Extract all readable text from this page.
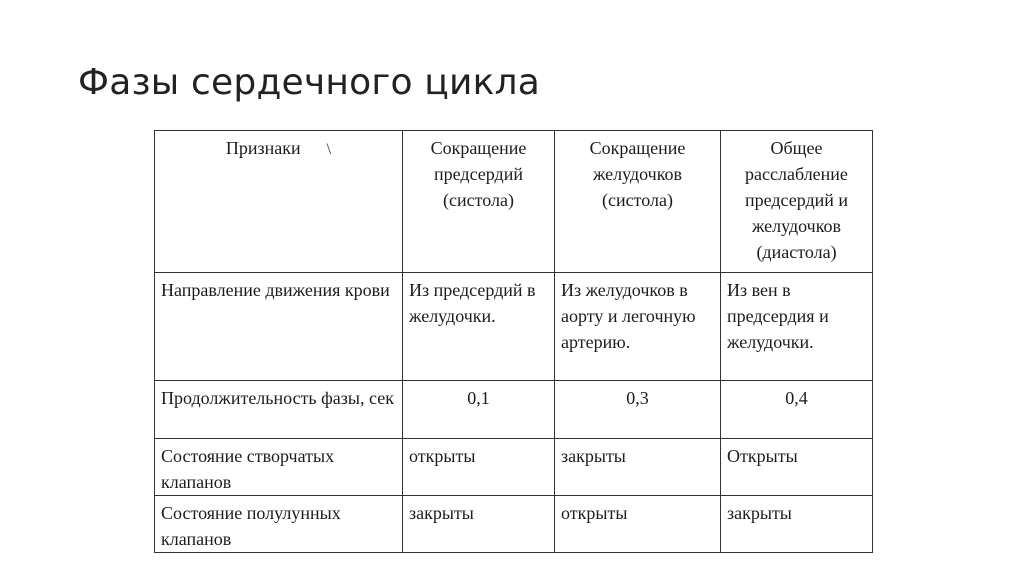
Фазы сердечного цикла
Признаки \	Сокращение предсердий (систола)	Сокращение желудочков (систола)	Общее расслабление предсердий и желудочков (диастола)

Направление движения крови	Из предсердий в желудочки.	Из желудочков в аорту и легочную артерию.	Из вен в предсердия и желудочки.

Продолжительность фазы, сек	0,1	0,3	0,4

Состояние створчатых клапанов	открыты	закрыты	Открыты

Состояние полулунных клапанов	закрыты	открыты	закрыты
